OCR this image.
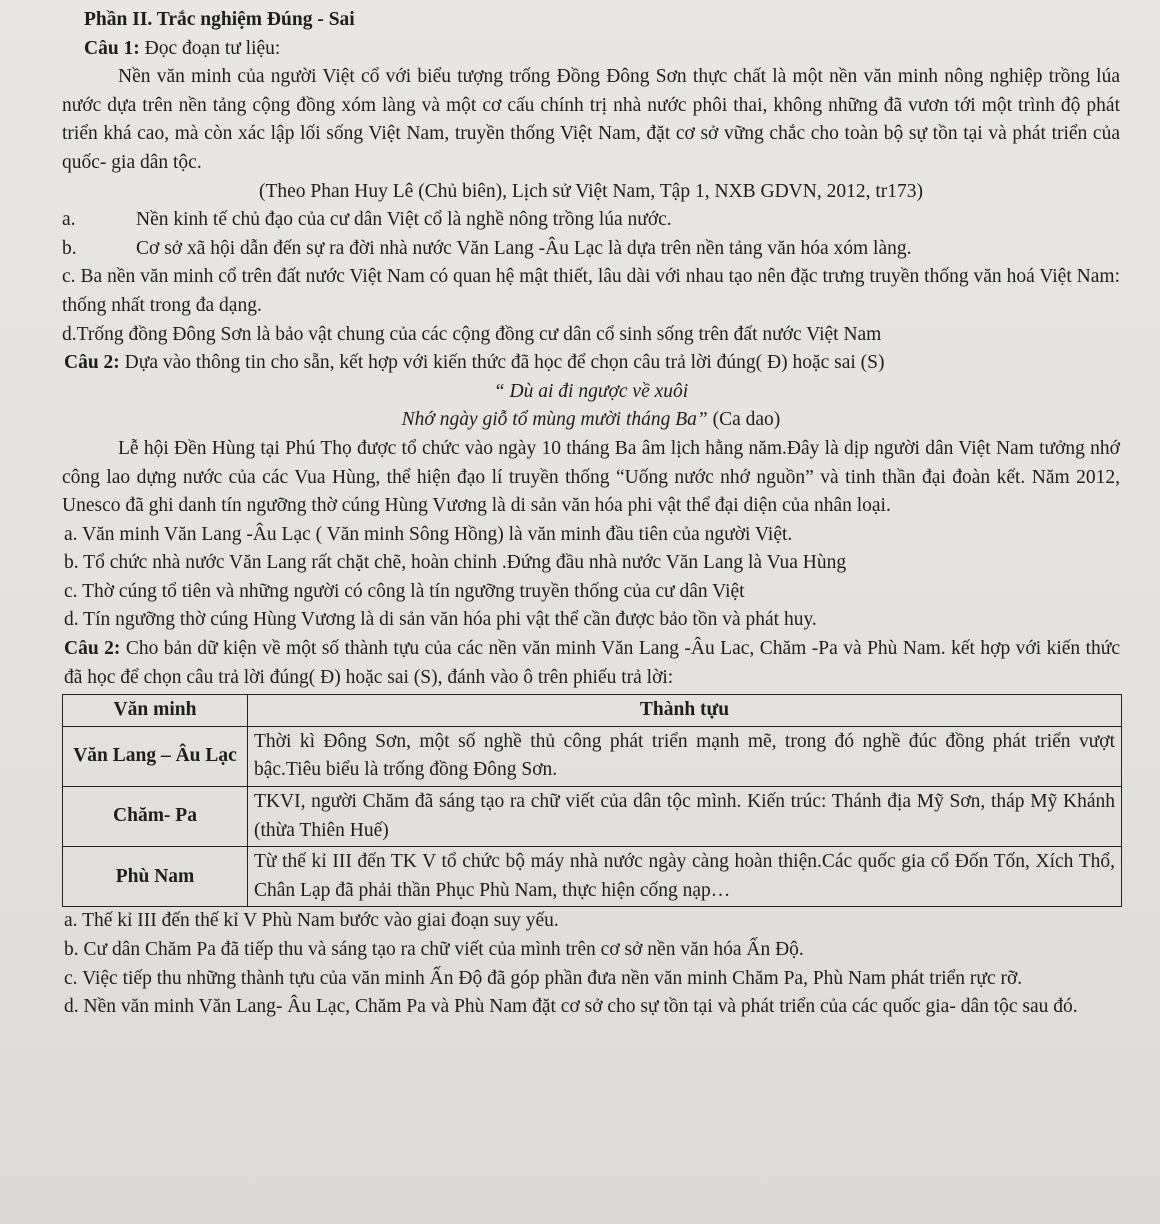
Phần II. Trắc nghiệm Đúng - Sai

Câu 1: Đọc đoạn tư liệu:

Nền văn minh của người Việt cổ với biểu tượng trống Đồng Đông Sơn thực chất là một nền văn minh nông nghiệp trồng lúa nước dựa trên nền tảng cộng đồng xóm làng và một cơ cấu chính trị nhà nước phôi thai, không những đã vươn tới một trình độ phát triển khá cao, mà còn xác lập lối sống Việt Nam, truyền thống Việt Nam, đặt cơ sở vững chắc cho toàn bộ sự tồn tại và phát triển của quốc- gia dân tộc.

(Theo Phan Huy Lê (Chủ biên), Lịch sử Việt Nam, Tập 1, NXB GDVN, 2012, tr173)

a.	Nền kinh tế chủ đạo của cư dân Việt cổ là nghề nông trồng lúa nước.

b.	Cơ sở xã hội dẫn đến sự ra đời nhà nước Văn Lang -Âu Lạc là dựa trên nền tảng văn hóa xóm làng.

c. Ba nền văn minh cổ trên đất nước Việt Nam có quan hệ mật thiết, lâu dài với nhau tạo nên đặc trưng truyền thống văn hoá Việt Nam: thống nhất trong đa dạng.

d.Trống đồng Đông Sơn là bảo vật chung của các cộng đồng cư dân cổ sinh sống trên đất nước Việt Nam

Câu 2: Dựa vào thông tin cho sẵn, kết hợp với kiến thức đã học để chọn câu trả lời đúng( Đ) hoặc sai (S)

“ Dù ai đi ngược về xuôi

Nhớ ngày giỗ tổ mùng mười tháng Ba” (Ca dao)

Lễ hội Đền Hùng tại Phú Thọ được tổ chức vào ngày 10 tháng Ba âm lịch hằng năm.Đây là dịp người dân Việt Nam tưởng nhớ công lao dựng nước của các Vua Hùng, thể hiện đạo lí truyền thống “Uống nước nhớ nguồn” và tinh thần đại đoàn kết. Năm 2012, Unesco đã ghi danh tín ngưỡng thờ cúng Hùng Vương là di sản văn hóa phi vật thể đại diện của nhân loại.

a. Văn minh Văn Lang -Âu Lạc ( Văn minh Sông Hồng) là văn minh đầu tiên của người Việt.

b. Tổ chức nhà nước Văn Lang rất chặt chẽ, hoàn chỉnh .Đứng đầu nhà nước Văn Lang là Vua Hùng

c. Thờ cúng tổ tiên và những người có công là tín ngưỡng truyền thống của cư dân Việt

d. Tín ngưỡng thờ cúng Hùng Vương là di sản văn hóa phi vật thể cần được bảo tồn và phát huy.

Câu 2: Cho bản dữ kiện về một số thành tựu của các nền văn minh Văn Lang -Âu Lac, Chăm -Pa và Phù Nam. kết hợp với kiến thức đã học để chọn câu trả lời đúng( Đ) hoặc sai (S), đánh vào ô trên phiếu trả lời:

Văn minh	Thành tựu
Văn Lang – Âu Lạc	Thời kì Đông Sơn, một số nghề thủ công phát triển mạnh mẽ, trong đó nghề đúc đồng phát triển vượt bậc.Tiêu biểu là trống đồng Đông Sơn.
Chăm- Pa	TKVI, người Chăm đã sáng tạo ra chữ viết của dân tộc mình. Kiến trúc: Thánh địa Mỹ Sơn, tháp Mỹ Khánh (thừa Thiên Huế)
Phù Nam	Từ thế kỉ III đến TK V tổ chức bộ máy nhà nước ngày càng hoàn thiện.Các quốc gia cổ Đốn Tốn, Xích Thổ, Chân Lạp đã phải thần Phục Phù Nam, thực hiện cống nạp…

a. Thế kỉ III đến thế kỉ V Phù Nam bước vào giai đoạn suy yếu.

b. Cư dân Chăm Pa đã tiếp thu và sáng tạo ra chữ viết của mình trên cơ sở nền văn hóa Ấn Độ.

c. Việc tiếp thu những thành tựu của văn minh Ấn Độ đã góp phần đưa nền văn minh Chăm Pa, Phù Nam phát triển rực rỡ.

d. Nền văn minh Văn Lang- Âu Lạc, Chăm Pa và Phù Nam đặt cơ sở cho sự tồn tại và phát triển của các quốc gia- dân tộc sau đó.
